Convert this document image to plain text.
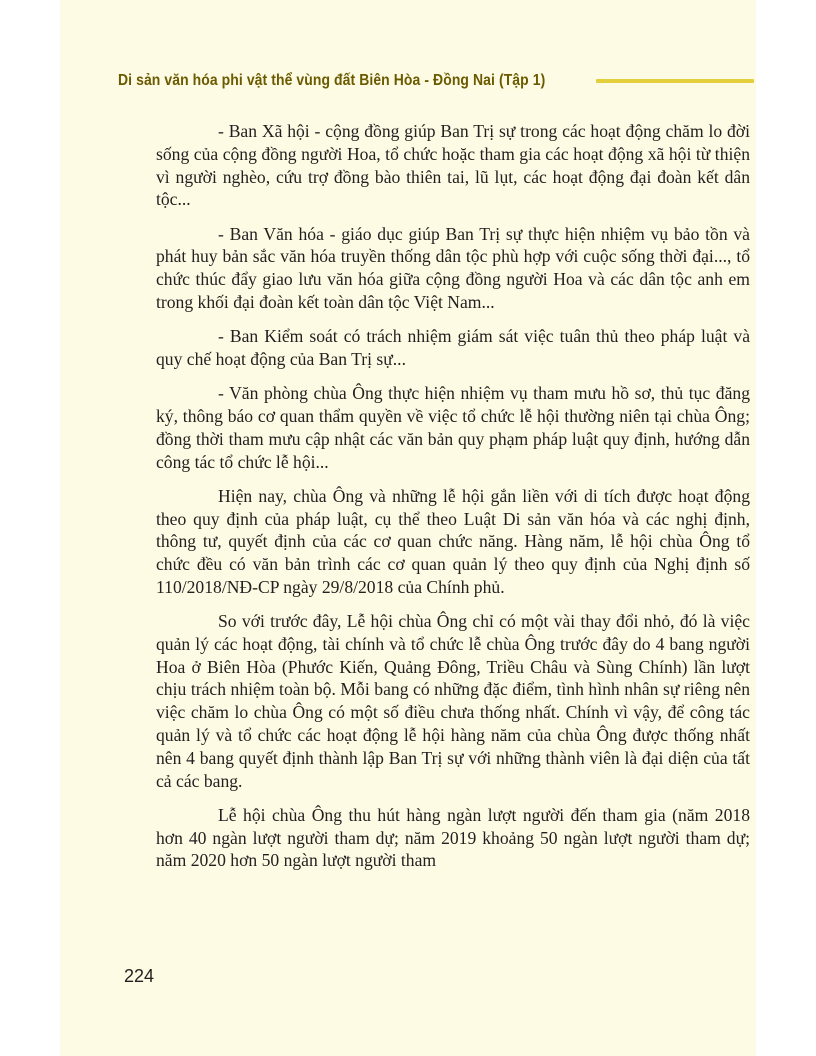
Di sản văn hóa phi vật thể vùng đất Biên Hòa - Đồng Nai (Tập 1)

- Ban Xã hội - cộng đồng giúp Ban Trị sự trong các hoạt động chăm lo đời sống của cộng đồng người Hoa, tổ chức hoặc tham gia các hoạt động xã hội từ thiện vì người nghèo, cứu trợ đồng bào thiên tai, lũ lụt, các hoạt động đại đoàn kết dân tộc...

- Ban Văn hóa - giáo dục giúp Ban Trị sự thực hiện nhiệm vụ bảo tồn và phát huy bản sắc văn hóa truyền thống dân tộc phù hợp với cuộc sống thời đại..., tổ chức thúc đẩy giao lưu văn hóa giữa cộng đồng người Hoa và các dân tộc anh em trong khối đại đoàn kết toàn dân tộc Việt Nam...

- Ban Kiểm soát có trách nhiệm giám sát việc tuân thủ theo pháp luật và quy chế hoạt động của Ban Trị sự...

- Văn phòng chùa Ông thực hiện nhiệm vụ tham mưu hồ sơ, thủ tục đăng ký, thông báo cơ quan thẩm quyền về việc tổ chức lễ hội thường niên tại chùa Ông; đồng thời tham mưu cập nhật các văn bản quy phạm pháp luật quy định, hướng dẫn công tác tổ chức lễ hội...

Hiện nay, chùa Ông và những lễ hội gắn liền với di tích được hoạt động theo quy định của pháp luật, cụ thể theo Luật Di sản văn hóa và các nghị định, thông tư, quyết định của các cơ quan chức năng. Hàng năm, lễ hội chùa Ông tổ chức đều có văn bản trình các cơ quan quản lý theo quy định của Nghị định số 110/2018/NĐ-CP ngày 29/8/2018 của Chính phủ.

So với trước đây, Lễ hội chùa Ông chỉ có một vài thay đổi nhỏ, đó là việc quản lý các hoạt động, tài chính và tổ chức lễ chùa Ông trước đây do 4 bang người Hoa ở Biên Hòa (Phước Kiến, Quảng Đông, Triều Châu và Sùng Chính) lần lượt chịu trách nhiệm toàn bộ. Mỗi bang có những đặc điểm, tình hình nhân sự riêng nên việc chăm lo chùa Ông có một số điều chưa thống nhất. Chính vì vậy, để công tác quản lý và tổ chức các hoạt động lễ hội hàng năm của chùa Ông được thống nhất nên 4 bang quyết định thành lập Ban Trị sự với những thành viên là đại diện của tất cả các bang.

Lễ hội chùa Ông thu hút hàng ngàn lượt người đến tham gia (năm 2018 hơn 40 ngàn lượt người tham dự; năm 2019 khoảng 50 ngàn lượt người tham dự; năm 2020 hơn 50 ngàn lượt người tham

224
